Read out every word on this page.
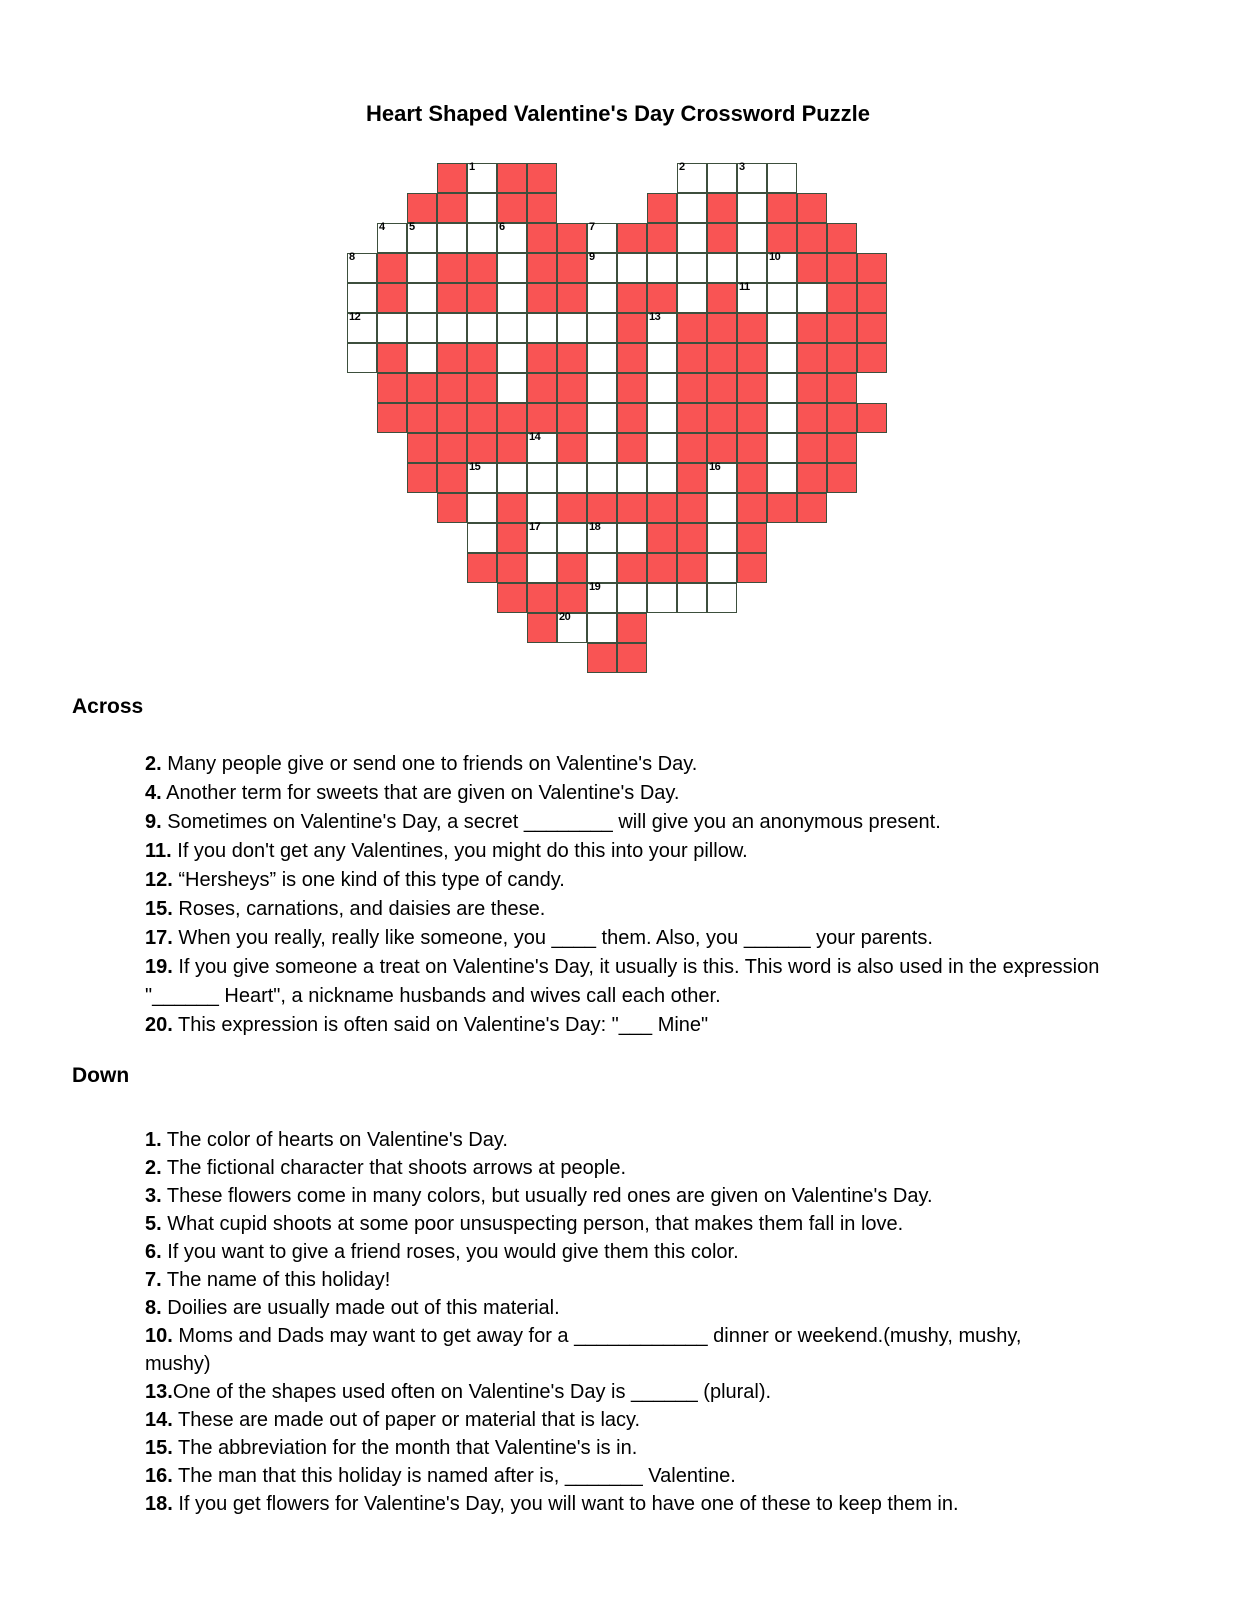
Heart Shaped Valentine's Day Crossword Puzzle
1	2	3
4 5	6	7
8	9	10
11
12	13
14
15	16
17	18
19
20
Across
2. Many people give or send one to friends on Valentine's Day.
4. Another term for sweets that are given on Valentine's Day.
9. Sometimes on Valentine's Day, a secret ________ will give you an anonymous present.
11. If you don't get any Valentines, you might do this into your pillow.
12. “Hersheys” is one kind of this type of candy.
15. Roses, carnations, and daisies are these.
17. When you really, really like someone, you ____ them. Also, you ______ your parents.
19. If you give someone a treat on Valentine's Day, it usually is this. This word is also used in the expression "______ Heart", a nickname husbands and wives call each other.
20. This expression is often said on Valentine's Day: "___ Mine"
Down
1. The color of hearts on Valentine's Day.
2. The fictional character that shoots arrows at people.
3. These flowers come in many colors, but usually red ones are given on Valentine's Day.
5. What cupid shoots at some poor unsuspecting person, that makes them fall in love.
6. If you want to give a friend roses, you would give them this color.
7. The name of this holiday!
8. Doilies are usually made out of this material.
10. Moms and Dads may want to get away for a ____________ dinner or weekend.(mushy, mushy, mushy)
13.One of the shapes used often on Valentine's Day is ______ (plural).
14. These are made out of paper or material that is lacy.
15. The abbreviation for the month that Valentine's is in.
16. The man that this holiday is named after is, _______ Valentine.
18. If you get flowers for Valentine's Day, you will want to have one of these to keep them in.
